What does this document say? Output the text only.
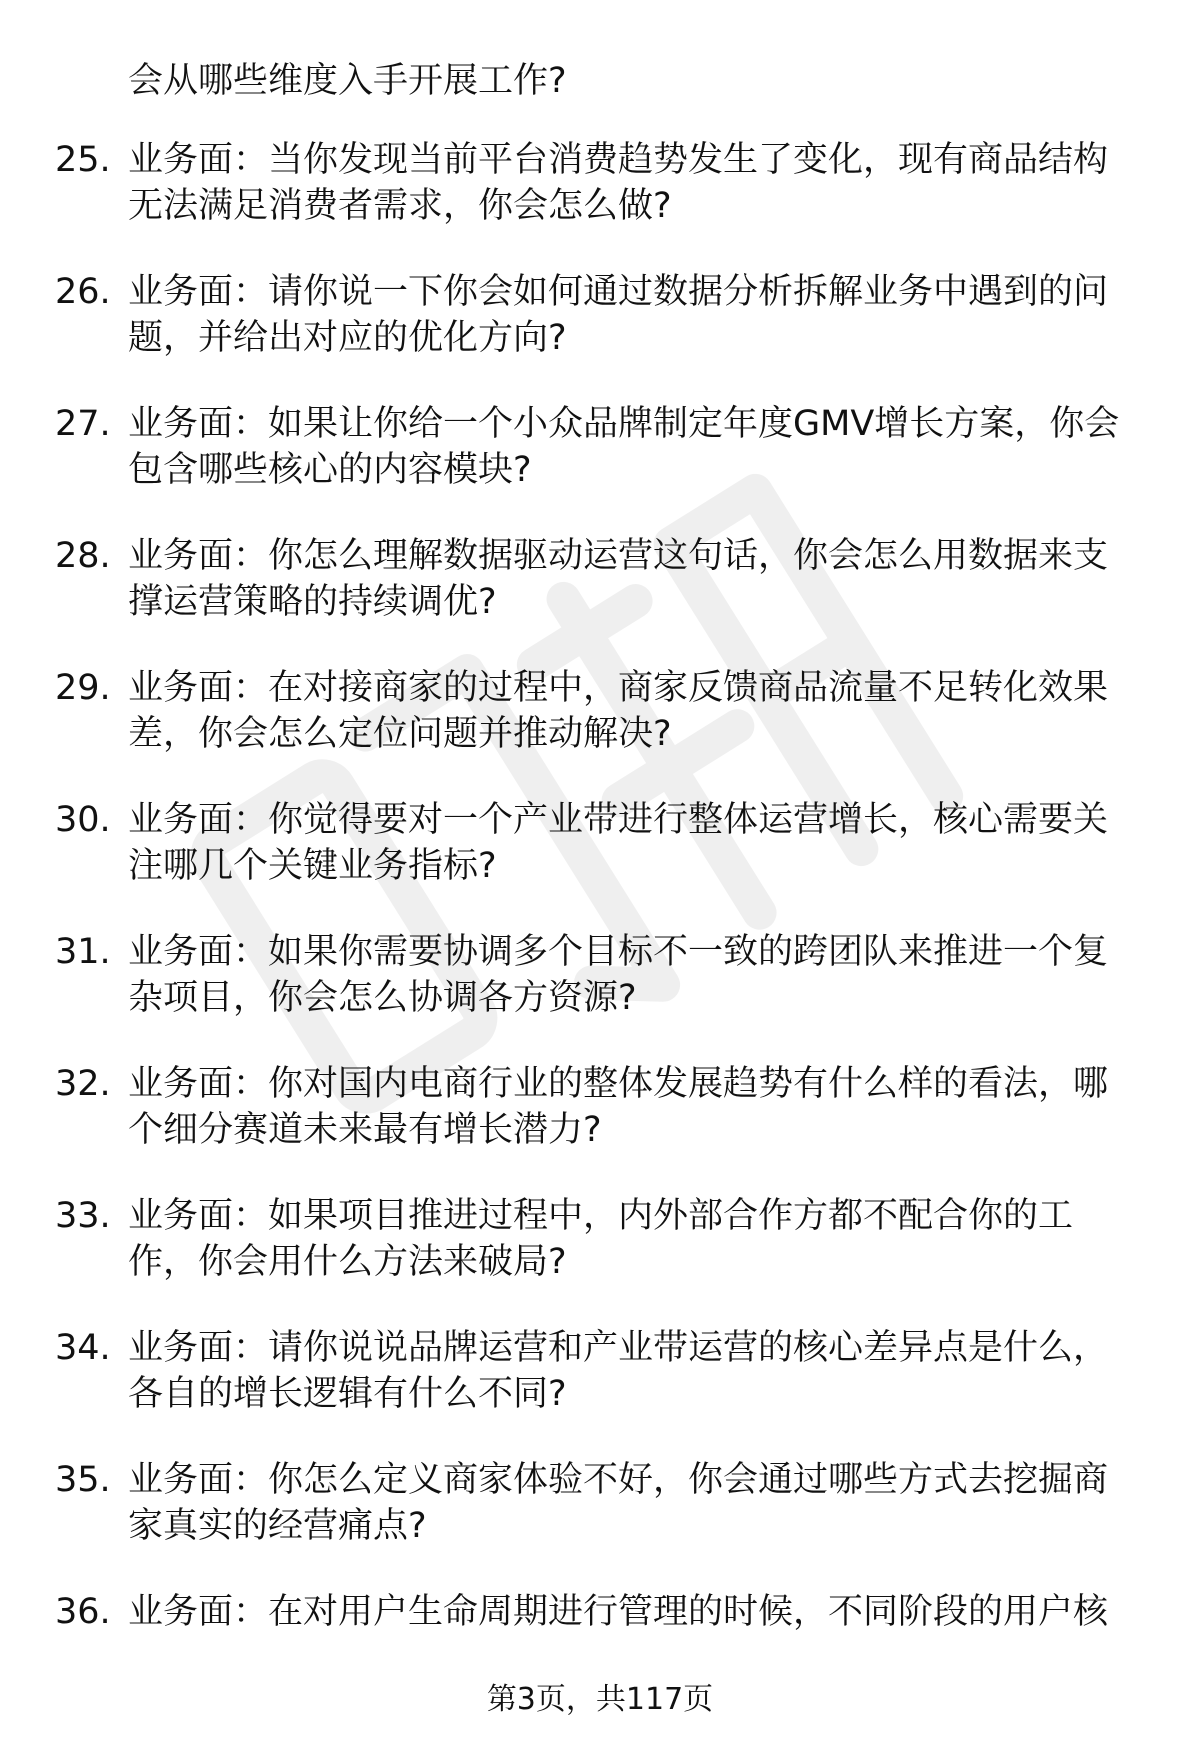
会从哪些维度入手开展工作?
25. 业务面：当你发现当前平台消费趋势发生了变化，现有商品结构
无法满足消费者需求，你会怎么做?
26. 业务面：请你说一下你会如何通过数据分析拆解业务中遇到的问
题，并给出对应的优化方向?
27. 业务面：如果让你给一个小众品牌制定年度GMV增长方案，你会
包含哪些核心的内容模块?
28. 业务面：你怎么理解数据驱动运营这句话，你会怎么用数据来支
撑运营策略的持续调优?
29. 业务面：在对接商家的过程中，商家反馈商品流量不足转化效果
差，你会怎么定位问题并推动解决?
30. 业务面：你觉得要对一个产业带进行整体运营增长，核心需要关
注哪几个关键业务指标?
31. 业务面：如果你需要协调多个目标不一致的跨团队来推进一个复
杂项目，你会怎么协调各方资源?
32. 业务面：你对国内电商行业的整体发展趋势有什么样的看法，哪
个细分赛道未来最有增长潜力?
33. 业务面：如果项目推进过程中，内外部合作方都不配合你的工
作，你会用什么方法来破局?
34. 业务面：请你说说品牌运营和产业带运营的核心差异点是什么，
各自的增长逻辑有什么不同?
35. 业务面：你怎么定义商家体验不好，你会通过哪些方式去挖掘商
家真实的经营痛点?
36. 业务面：在对用户生命周期进行管理的时候，不同阶段的用户核
第3页，共117页
